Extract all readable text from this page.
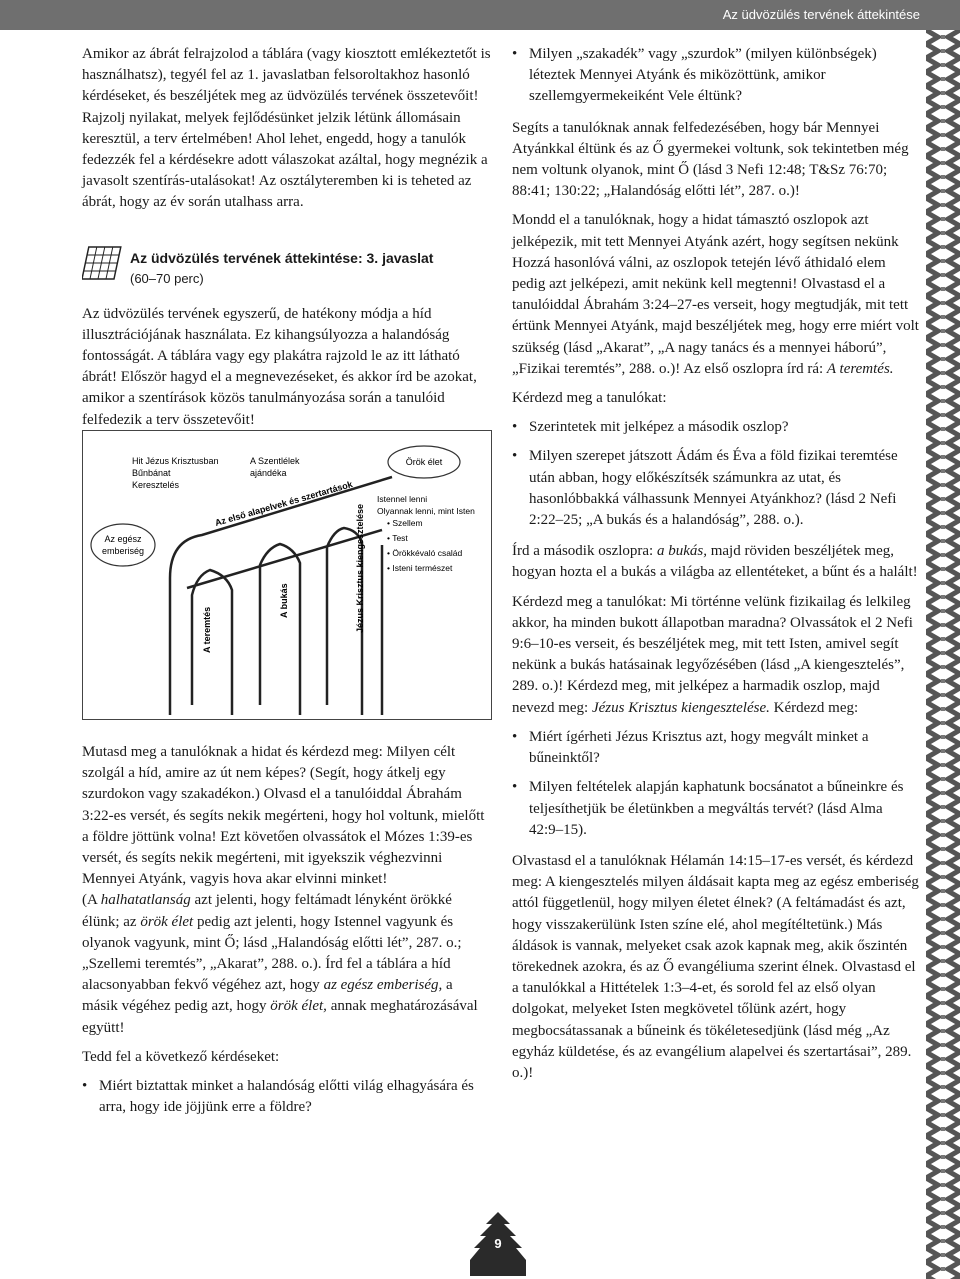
Az üdvözülés tervének áttekintése

Amikor az ábrát felrajzolod a táblára (vagy kiosztott emlékeztetőt is használhatsz), tegyél fel az 1. javaslatban felsoroltakhoz hasonló kérdéseket, és beszéljétek meg az üdvözülés tervének összetevőit! Rajzolj nyilakat, melyek fejlődésünket jelzik létünk állomásain keresztül, a terv értelmében! Ahol lehet, engedd, hogy a tanulók fedezzék fel a kérdésekre adott válaszokat azáltal, hogy megnézik a javasolt szentírás-utalásokat! Az osztályteremben ki is teheted az ábrát, hogy az év során utalhass arra.

Az üdvözülés tervének áttekintése: 3. javaslat
(60–70 perc)

Az üdvözülés tervének egyszerű, de hatékony módja a híd illusztrációjának használata. Ez kihangsúlyozza a halandóság fontosságát. A táblára vagy egy plakátra rajzold le az itt látható ábrát! Először hagyd el a megnevezéseket, és akkor írd be azokat, amikor a szentírások közös tanulmányozása során a tanulóid felfedezik a terv összetevőit!

Hit Jézus Krisztusban
Bűnbánat
Keresztelés
A Szentlélek
ajándéka
Örök élet
Az egész
emberiség
Az első alapelvek és szertartások	Istennel lenni
Olyannak lenni, mint Isten
• Szellem • Test • Örökkévaló család • Isteni természet
A teremtés
A bukás	Jézus Krisztus kiengesztelése

Mutasd meg a tanulóknak a hidat és kérdezd meg: Milyen célt szolgál a híd, amire az út nem képes? (Segít, hogy átkelj egy szurdokon vagy szakadékon.) Olvasd el a tanulóiddal Ábrahám 3:22-es versét, és segíts nekik megérteni, hogy hol voltunk, mielőtt a földre jöttünk volna! Ezt követően olvassátok el Mózes 1:39-es versét, és segíts nekik megérteni, mit igyekszik véghezvinni Mennyei Atyánk, vagyis hova akar elvinni minket!

(A halhatatlanság azt jelenti, hogy feltámadt lényként örökké élünk; az örök élet pedig azt jelenti, hogy Istennel vagyunk és olyanok vagyunk, mint Ő; lásd „Halandóság előtti lét”, 287. o.; „Szellemi teremtés”, „Akarat”, 288. o.). Írd fel a táblára a híd alacsonyabban fekvő végéhez azt, hogy az egész emberiség, a másik végéhez pedig azt, hogy örök élet, annak meghatározásával együtt!

Tedd fel a következő kérdéseket:

• Miért biztattak minket a halandóság előtti világ elhagyására és arra, hogy ide jöjjünk erre a földre?
• Milyen „szakadék” vagy „szurdok” (milyen különbségek) léteztek Mennyei Atyánk és miközöttünk, amikor szellemgyermekeiként Vele éltünk?

Segíts a tanulóknak annak felfedezésében, hogy bár Mennyei Atyánkkal éltünk és az Ő gyermekei voltunk, sok tekintetben még nem voltunk olyanok, mint Ő (lásd 3 Nefi 12:48; T&Sz 76:70; 88:41; 130:22; „Halandóság előtti lét”, 287. o.)!

Mondd el a tanulóknak, hogy a hidat támasztó oszlopok azt jelképezik, mit tett Mennyei Atyánk azért, hogy segítsen nekünk Hozzá hasonlóvá válni, az oszlopok tetején lévő áthidaló elem pedig azt jelképezi, amit nekünk kell megtenni! Olvastasd el a tanulóiddal Ábrahám 3:24–27-es verseit, hogy megtudják, mit tett értünk Mennyei Atyánk, majd beszéljétek meg, hogy erre miért volt szükség (lásd „Akarat”, „A nagy tanács és a mennyei háború”, „Fizikai teremtés”, 288. o.)! Az első oszlopra írd rá: A teremtés.

Kérdezd meg a tanulókat:

• Szerintetek mit jelképez a második oszlop?
• Milyen szerepet játszott Ádám és Éva a föld fizikai teremtése után abban, hogy előkészítsék számunkra az utat, és hasonlóbbakká válhassunk Mennyei Atyánkhoz? (lásd 2 Nefi 2:22–25; „A bukás és a halandóság”, 288. o.).

Írd a második oszlopra: a bukás, majd röviden beszéljétek meg, hogyan hozta el a bukás a világba az ellentéteket, a bűnt és a halált!

Kérdezd meg a tanulókat: Mi történne velünk fizikailag és lelkileg akkor, ha minden bukott állapotban maradna? Olvassátok el 2 Nefi 9:6–10-es verseit, és beszéljétek meg, mit tett Isten, amivel segít nekünk a bukás hatásainak legyőzésében (lásd „A kiengesztelés”, 289. o.)! Kérdezd meg, mit jelképez a harmadik oszlop, majd nevezd meg: Jézus Krisztus kiengesztelése. Kérdezd meg:

• Miért ígérheti Jézus Krisztus azt, hogy megvált minket a bűneinktől?
• Milyen feltételek alapján kaphatunk bocsánatot a bűneinkre és teljesíthetjük be életünkben a megváltás tervét? (lásd Alma 42:9–15).

Olvastasd el a tanulóknak Hélamán 14:15–17-es versét, és kérdezd meg: A kiengesztelés milyen áldásait kapta meg az egész emberiség attól függetlenül, hogy milyen életet élnek? (A feltámadást és azt, hogy visszakerülünk Isten színe elé, ahol megítéltetünk.) Más áldások is vannak, melyeket csak azok kapnak meg, akik őszintén törekednek azokra, és az Ő evangéliuma szerint élnek. Olvastasd el a tanulókkal a Hittételek 1:3–4-et, és sorold fel az első olyan dolgokat, melyeket Isten megkövetel tőlünk azért, hogy megbocsátassanak a bűneink és tökéletesedjünk (lásd még „Az egyház küldetése, és az evangélium alapelvei és szertartásai”, 289. o.)!

9
